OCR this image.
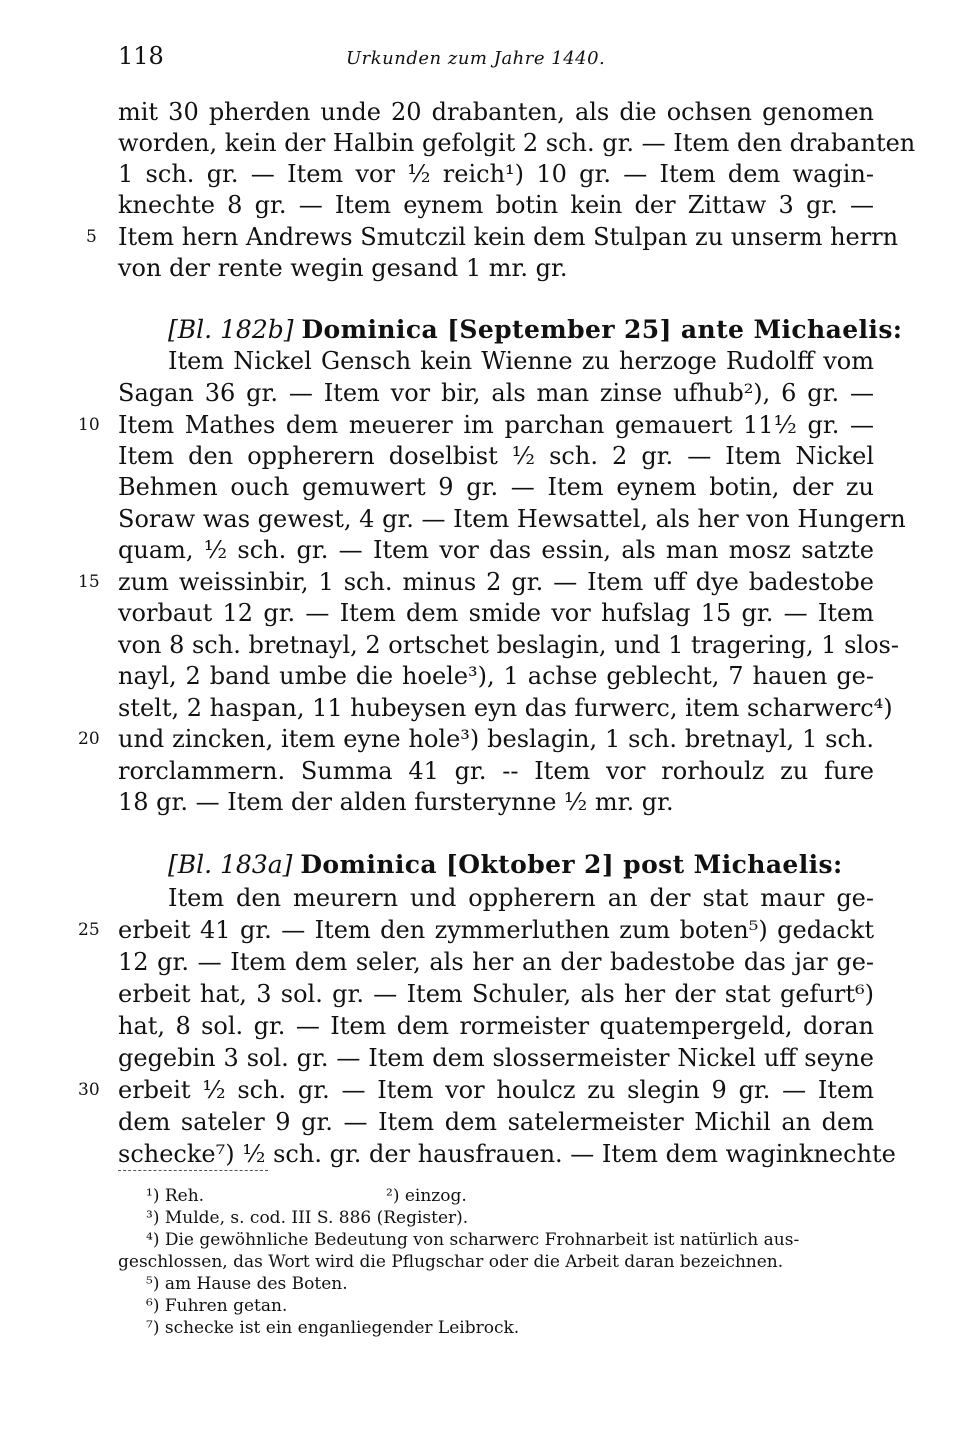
118	Urkunden zum Jahre 1440.
mit 30 pherden unde 20 drabanten, als die ochsen genomen
worden, kein der Halbin gefolgit 2 sch. gr. — Item den drabanten
1 sch. gr. — Item vor ½ reich¹) 10 gr. — Item dem wagin-
knechte 8 gr. — Item eynem botin kein der Zittaw 3 gr. —
Item hern Andrews Smutczil kein dem Stulpan zu unserm herrn
von der rente wegin gesand 1 mr. gr.
[Bl. 182b] Dominica [September 25] ante Michaelis:
Item Nickel Gensch kein Wienne zu herzoge Rudolff vom
Sagan 36 gr. — Item vor bir, als man zinse ufhub²), 6 gr. —
Item Mathes dem meuerer im parchan gemauert 11½ gr. —
Item den oppherern doselbist ½ sch. 2 gr. — Item Nickel
Behmen ouch gemuwert 9 gr. — Item eynem botin, der zu
Soraw was gewest, 4 gr. — Item Hewsattel, als her von Hungern
quam, ½ sch. gr. — Item vor das essin, als man mosz satzte
zum weissinbir, 1 sch. minus 2 gr. — Item uff dye badestobe
vorbaut 12 gr. — Item dem smide vor hufslag 15 gr. — Item
von 8 sch. bretnayl, 2 ortschet beslagin, und 1 tragering, 1 slos-
nayl, 2 band umbe die hoele³), 1 achse geblecht, 7 hauen ge-
stelt, 2 haspan, 11 hubeysen eyn das furwerc, item scharwerc⁴)
und zincken, item eyne hole³) beslagin, 1 sch. bretnayl, 1 sch.
rorclammern. Summa 41 gr. -- Item vor rorhoulz zu fure
18 gr. — Item der alden fursterynne ½ mr. gr.
[Bl. 183a] Dominica [Oktober 2] post Michaelis:
Item den meurern und oppherern an der stat maur ge-
erbeit 41 gr. — Item den zymmerluthen zum boten⁵) gedackt
12 gr. — Item dem seler, als her an der badestobe das jar ge-
erbeit hat, 3 sol. gr. — Item Schuler, als her der stat gefurt⁶)
hat, 8 sol. gr. — Item dem rormeister quatempergeld, doran
gegebin 3 sol. gr. — Item dem slossermeister Nickel uff seyne
erbeit ½ sch. gr. — Item vor houlcz zu slegin 9 gr. — Item
dem sateler 9 gr. — Item dem satelermeister Michil an dem
schecke⁷) ½ sch. gr. der hausfrauen. — Item dem waginknechte
5
10
15
20
25
30
¹) Reh.	²) einzog.
³) Mulde, s. cod. III S. 886 (Register).
⁴) Die gewöhnliche Bedeutung von scharwerc Frohnarbeit ist natürlich aus-
geschlossen, das Wort wird die Pflugschar oder die Arbeit daran bezeichnen.
⁵) am Hause des Boten.
⁶) Fuhren getan.
⁷) schecke ist ein enganliegender Leibrock.
